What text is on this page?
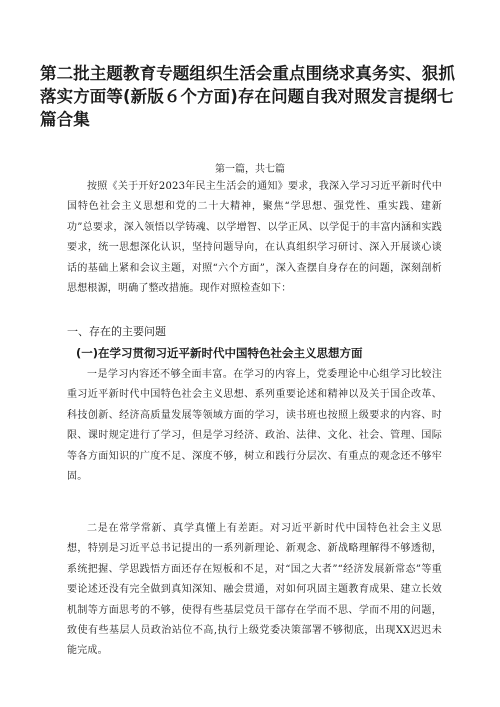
第二批主题教育专题组织生活会重点围绕求真务实、狠抓落实方面等(新版６个方面)存在问题自我对照发言提纲七篇合集
第一篇，共七篇

按照《关于开好2023年民主生活会的通知》要求，我深入学习习近平新时代中国特色社会主义思想和党的二十大精神，聚焦“学思想、强党性、重实践、建新功”总要求，深入领悟以学铸魂、以学增智、以学正风、以学促于的丰富内涵和实践要求，统一思想深化认识，坚持问题导向，在认真组织学习研讨、深入开展谈心谈话的基础上紧和会议主题，对照“六个方面”，深入查摆自身存在的问题，深刻剖析思想根源，明确了整改措施。现作对照检查如下：

一、存在的主要问题

(一)在学习贯彻习近平新时代中国特色社会主义思想方面

一是学习内容还不够全面丰富。在学习的内容上，党委理论中心组学习比较注重习近平新时代中国特色社会主义思想、系列重要论述和精神以及关于国企改革、科技创新、经济高质量发展等领域方面的学习，读书班也按照上级要求的内容、时限、课时规定进行了学习，但是学习经济、政治、法律、文化、社会、管理、国际等各方面知识的广度不足、深度不够，树立和践行分层次、有重点的观念还不够牢固。

二是在常学常新、真学真懂上有差距。对习近平新时代中国特色社会主义思想，特别是习近平总书记提出的一系列新理论、新观念、新战略理解得不够透彻，系统把握、学思践悟方面还存在短板和不足，对“国之大者”“经济发展新常态”等重要论述还没有完全做到真知深知、融会贯通，对如何巩固主题教育成果、建立长效机制等方面思考的不够，使得有些基层党员干部存在学而不思、学而不用的问题，致使有些基层人员政治站位不高,执行上级党委决策部署不够彻底，出现XX迟迟未能完成。
